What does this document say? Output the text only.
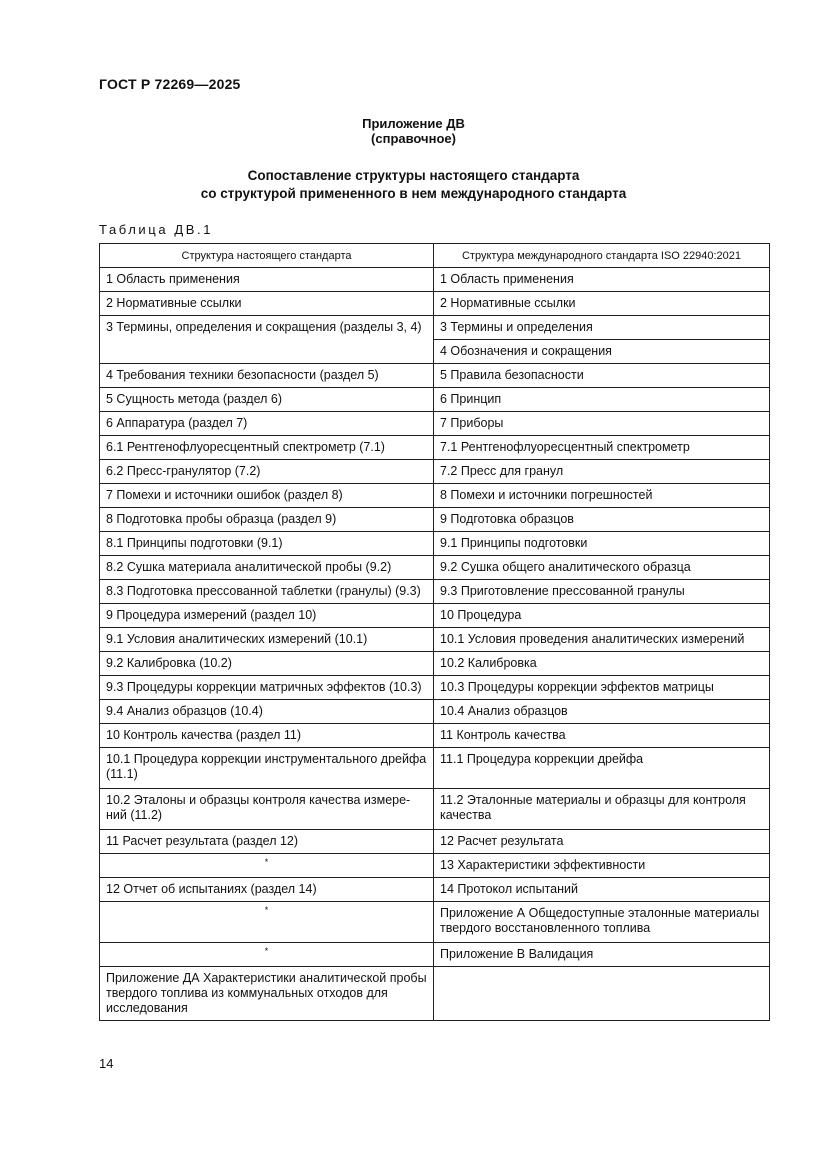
ГОСТ Р 72269—2025
Приложение ДВ
(справочное)
Сопоставление структуры настоящего стандарта
со структурой примененного в нем международного стандарта
Таблица ДВ.1
Структура настоящего стандарта	Структура международного стандарта ISO 22940:2021
1 Область применения	1 Область применения
2 Нормативные ссылки	2 Нормативные ссылки
3 Термины, определения и сокращения (разделы 3, 4)	3 Термины и определения
	4 Обозначения и сокращения
4 Требования техники безопасности (раздел 5)	5 Правила безопасности
5 Сущность метода (раздел 6)	6 Принцип
6 Аппаратура (раздел 7)	7 Приборы
6.1 Рентгенофлуоресцентный спектрометр (7.1)	7.1 Рентгенофлуоресцентный спектрометр
6.2 Пресс-гранулятор (7.2)	7.2 Пресс для гранул
7 Помехи и источники ошибок (раздел 8)	8 Помехи и источники погрешностей
8 Подготовка пробы образца (раздел 9)	9 Подготовка образцов
8.1 Принципы подготовки (9.1)	9.1 Принципы подготовки
8.2 Сушка материала аналитической пробы (9.2)	9.2 Сушка общего аналитического образца
8.3 Подготовка прессованной таблетки (гранулы) (9.3)	9.3 Приготовление прессованной гранулы
9 Процедура измерений (раздел 10)	10 Процедура
9.1 Условия аналитических измерений (10.1)	10.1 Условия проведения аналитических измерений
9.2 Калибровка (10.2)	10.2 Калибровка
9.3 Процедуры коррекции матричных эффектов (10.3)	10.3 Процедуры коррекции эффектов матрицы
9.4 Анализ образцов (10.4)	10.4 Анализ образцов
10 Контроль качества (раздел 11)	11 Контроль качества
10.1 Процедура коррекции инструментального дрейфа (11.1)	11.1 Процедура коррекции дрейфа
10.2 Эталоны и образцы контроля качества измере-ний (11.2)	11.2 Эталонные материалы и образцы для контроля качества
11 Расчет результата (раздел 12)	12 Расчет результата
*	13 Характеристики эффективности
12 Отчет об испытаниях (раздел 14)	14 Протокол испытаний
*	Приложение А Общедоступные эталонные материалы твердого восстановленного топлива
*	Приложение В Валидация
Приложение ДА Характеристики аналитической пробы твердого топлива из коммунальных отходов для исследования	
14
